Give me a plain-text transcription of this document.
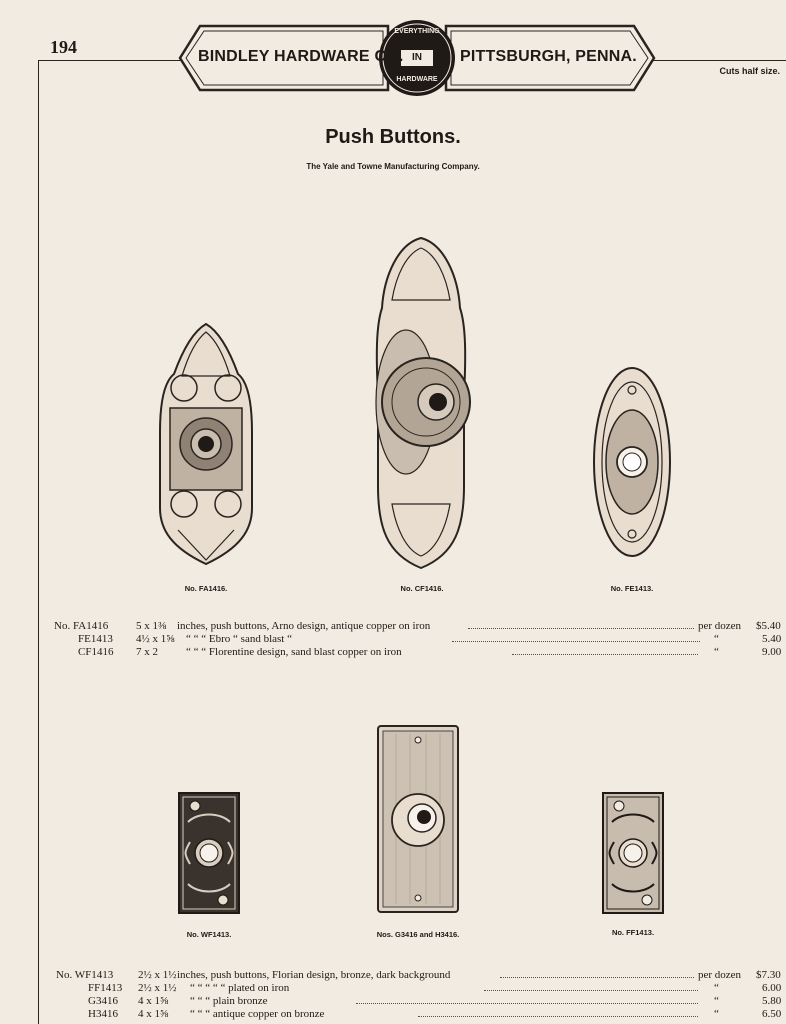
194
Cuts half size.
BINDLEY HARDWARE CO.	PITTSBURGH, PENNA.
EVERYTHING
IN
HARDWARE
Push Buttons.
The Yale and Towne Manufacturing Company.
No. FA1416.	No. CF1416.	No. FE1413.
No. FA1416	5 x 1⅜ inches, push buttons, Arno design, antique copper on iron	per dozen $5.40
FE1413 4½ x 1⅝ “ “ “ Ebro “ sand blast “	“	5.40
CF1416 7 x 2	“ “ “ Florentine design, sand blast copper on iron	“	9.00
No. WF1413.	Nos. G3416 and H3416.	No. FF1413.
No. WF1413 2½ x 1½ inches, push buttons, Florian design, bronze, dark background	per dozen $7.30
FF1413 2½ x 1½ “ “ “ “ “ plated on iron	“	6.00
G3416 4 x 1⅝ “ “ “ plain bronze	“	5.80
H3416 4 x 1⅝ “ “ “ antique copper on bronze	“	6.50
